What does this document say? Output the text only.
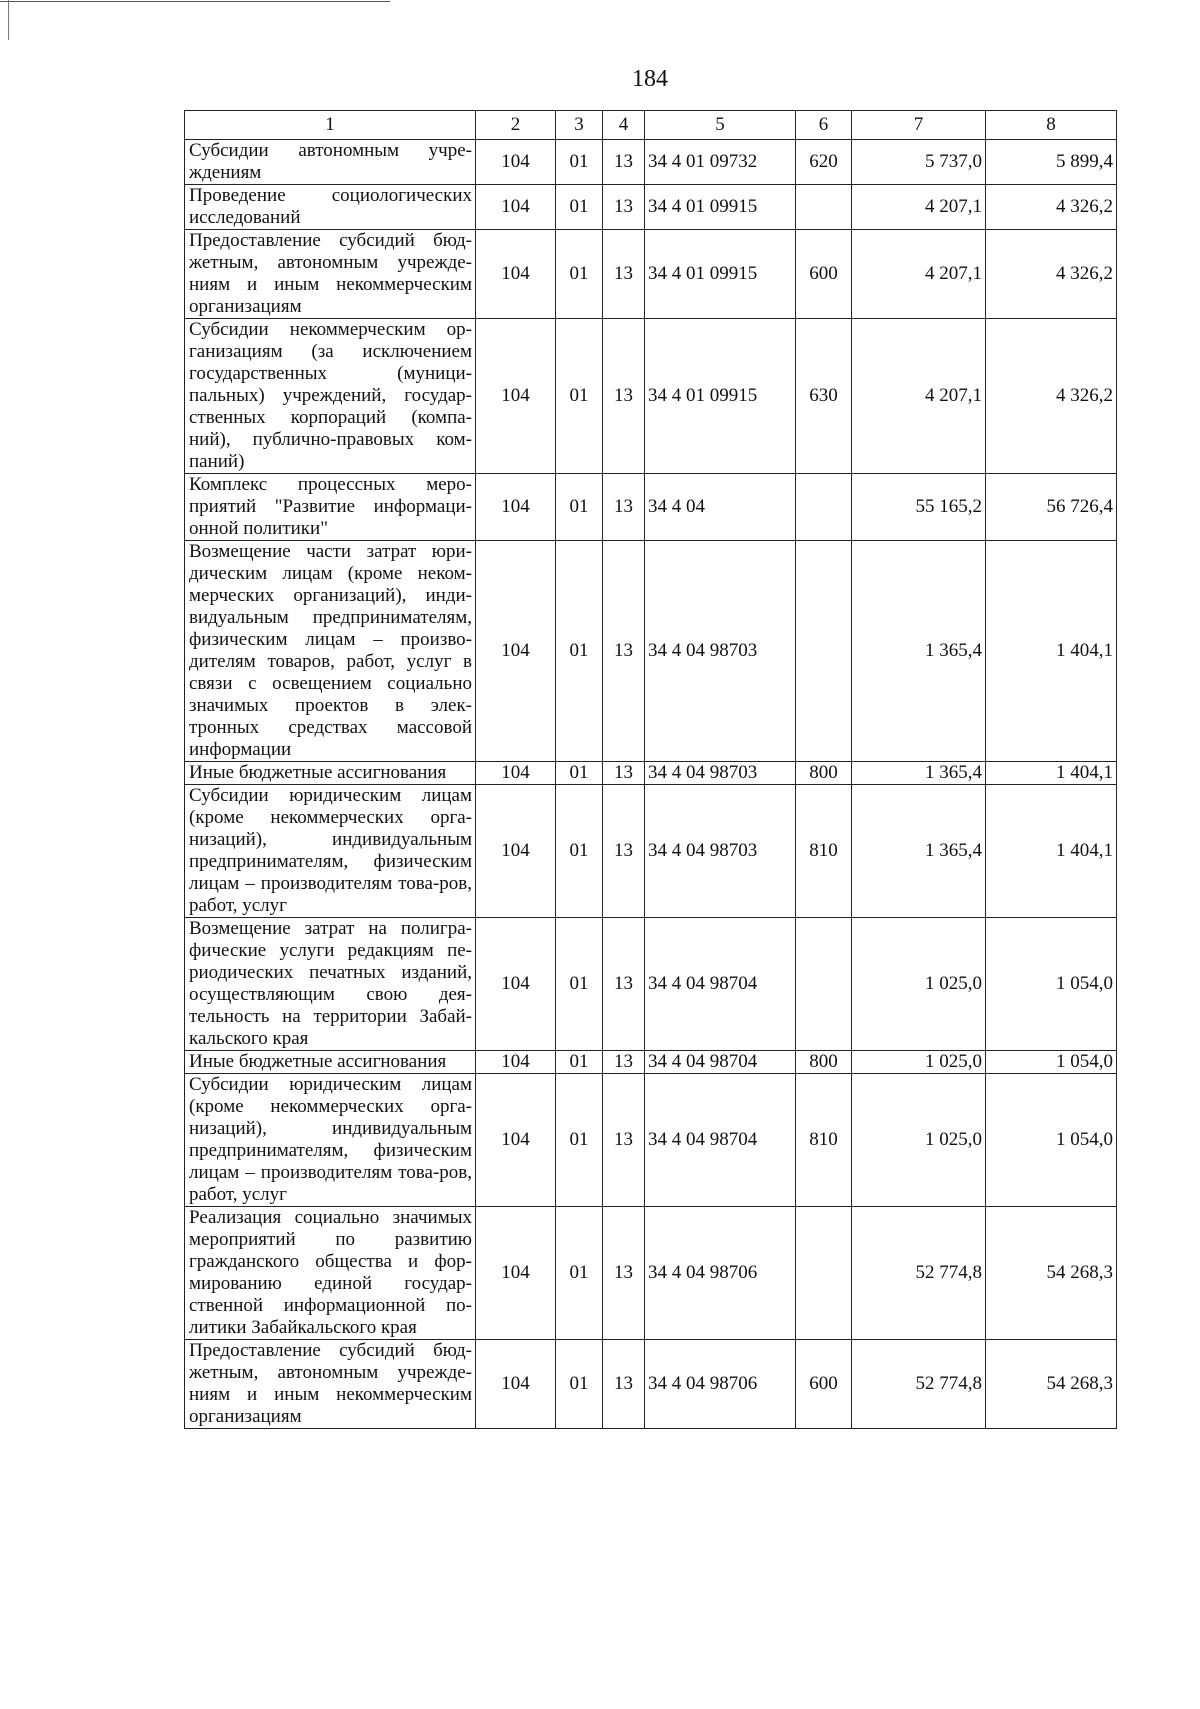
184
1	2	3	4	5	6	7	8
Субсидии автономным учре- ждениям	104	01	13	34 4 01 09732	620	5 737,0	5 899,4
Проведение социологических исследований	104	01	13	34 4 01 09915		4 207,1	4 326,2
Предоставление субсидий бюд-жетным, автономным учрежде-ниям и иным некоммерческим организациям	104	01	13	34 4 01 09915	600	4 207,1	4 326,2
Субсидии некоммерческим ор-ганизациям (за исключением государственных (муници-пальных) учреждений, государ-ственных корпораций (компа-ний), публично-правовых ком-паний)	104	01	13	34 4 01 09915	630	4 207,1	4 326,2
Комплекс процессных меро-приятий "Развитие информаци-онной политики"	104	01	13	34 4 04		55 165,2	56 726,4
Возмещение части затрат юри-дическим лицам (кроме неком-мерческих организаций), инди-видуальным предпринимателям, физическим лицам – произво-дителям товаров, работ, услуг в связи с освещением социально значимых проектов в элек-тронных средствах массовой информации	104	01	13	34 4 04 98703		1 365,4	1 404,1
Иные бюджетные ассигнования	104	01	13	34 4 04 98703	800	1 365,4	1 404,1
Субсидии юридическим лицам (кроме некоммерческих орга-низаций), индивидуальным предпринимателям, физическим лицам – производителям това-ров, работ, услуг	104	01	13	34 4 04 98703	810	1 365,4	1 404,1
Возмещение затрат на полигра-фические услуги редакциям пе-риодических печатных изданий, осуществляющим свою дея-тельность на территории Забай-кальского края	104	01	13	34 4 04 98704		1 025,0	1 054,0
Иные бюджетные ассигнования	104	01	13	34 4 04 98704	800	1 025,0	1 054,0
Субсидии юридическим лицам (кроме некоммерческих орга-низаций), индивидуальным предпринимателям, физическим лицам – производителям това-ров, работ, услуг	104	01	13	34 4 04 98704	810	1 025,0	1 054,0
Реализация социально значимых мероприятий по развитию гражданского общества и фор-мированию единой государ-ственной информационной по-литики Забайкальского края	104	01	13	34 4 04 98706		52 774,8	54 268,3
Предоставление субсидий бюд-жетным, автономным учрежде-ниям и иным некоммерческим организациям	104	01	13	34 4 04 98706	600	52 774,8	54 268,3
